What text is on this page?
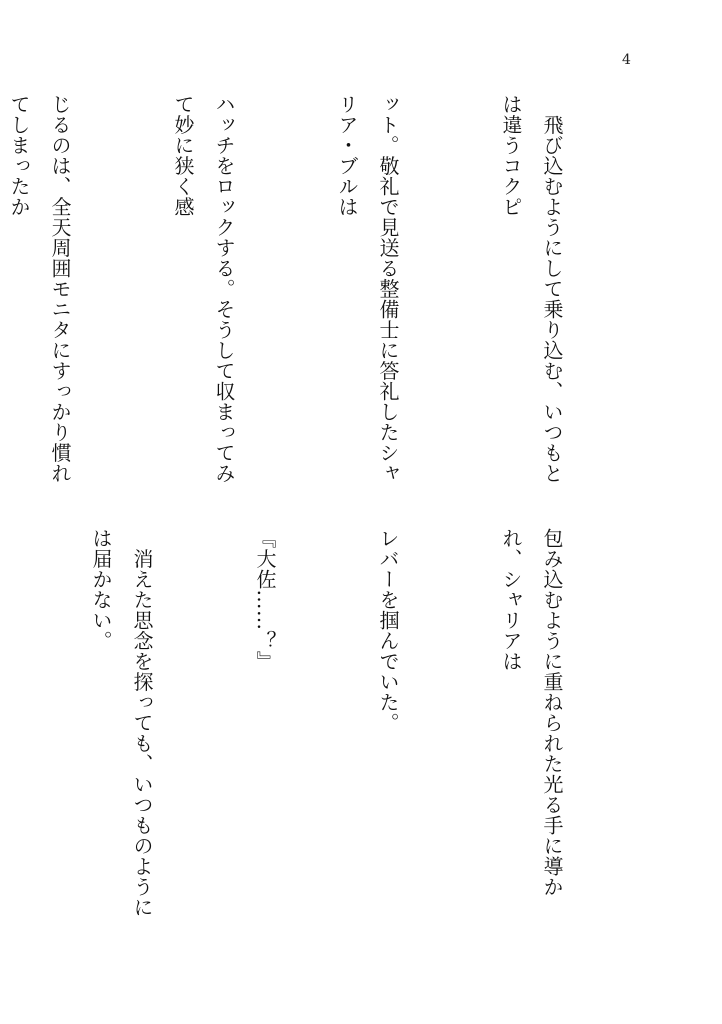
4

　飛び込むようにして乗り込む、いつもとは違うコクピ

ット。敬礼で見送る整備士に答礼したシャリア・ブルは

ハッチをロックする。そうして収まってみて妙に狭く感

じるのは、全天周囲モニタにすっかり慣れてしまったか

包み込むように重ねられた光る手に導かれ、シャリアは

レバーを掴んでいた。

『大佐……？』

　消えた思念を探っても、いつものようには届かない。
